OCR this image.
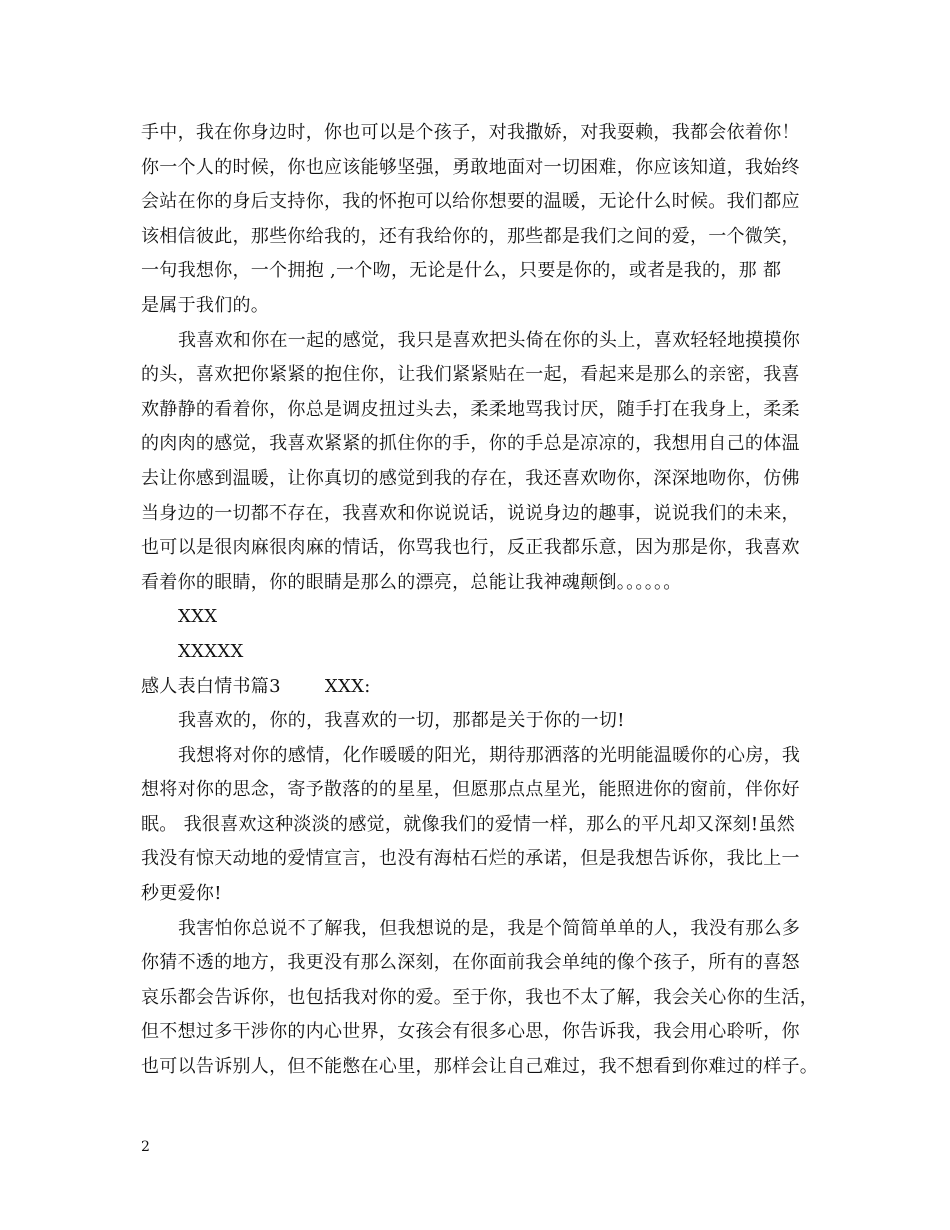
手中，我在你身边时，你也可以是个孩子，对我撒娇，对我耍赖，我都会依着你！
你一个人的时候，你也应该能够坚强，勇敢地面对一切困难，你应该知道，我始终
会站在你的身后支持你，我的怀抱可以给你想要的温暖，无论什么时候。我们都应
该相信彼此，那些你给我的，还有我给你的，那些都是我们之间的爱，一个微笑，
一句我想你，一个拥抱 ,一个吻，无论是什么，只要是你的，或者是我的，那 都
是属于我们的。
我喜欢和你在一起的感觉，我只是喜欢把头倚在你的头上，喜欢轻轻地摸摸你
的头，喜欢把你紧紧的抱住你，让我们紧紧贴在一起，看起来是那么的亲密，我喜
欢静静的看着你，你总是调皮扭过头去，柔柔地骂我讨厌，随手打在我身上，柔柔
的肉肉的感觉，我喜欢紧紧的抓住你的手，你的手总是凉凉的，我想用自己的体温
去让你感到温暖，让你真切的感觉到我的存在，我还喜欢吻你，深深地吻你，仿佛
当身边的一切都不存在，我喜欢和你说说话，说说身边的趣事，说说我们的未来，
也可以是很肉麻很肉麻的情话，你骂我也行，反正我都乐意，因为那是你，我喜欢
看着你的眼睛，你的眼睛是那么的漂亮，总能让我神魂颠倒。。。。。。
XXX
XXXXX
感人表白情书篇3 XXX:
我喜欢的，你的，我喜欢的一切，那都是关于你的一切!
我想将对你的感情，化作暖暖的阳光，期待那洒落的光明能温暖你的心房，我
想将对你的思念，寄予散落的的星星，但愿那点点星光，能照进你的窗前，伴你好
眠。 我很喜欢这种淡淡的感觉，就像我们的爱情一样，那么的平凡却又深刻!虽然
我没有惊天动地的爱情宣言，也没有海枯石烂的承诺，但是我想告诉你，我比上一
秒更爱你!
我害怕你总说不了解我，但我想说的是，我是个简简单单的人，我没有那么多
你猜不透的地方，我更没有那么深刻，在你面前我会单纯的像个孩子，所有的喜怒
哀乐都会告诉你，也包括我对你的爱。至于你，我也不太了解，我会关心你的生活，
但不想过多干涉你的内心世界，女孩会有很多心思，你告诉我，我会用心聆听，你
也可以告诉别人，但不能憋在心里，那样会让自己难过，我不想看到你难过的样子。
2
